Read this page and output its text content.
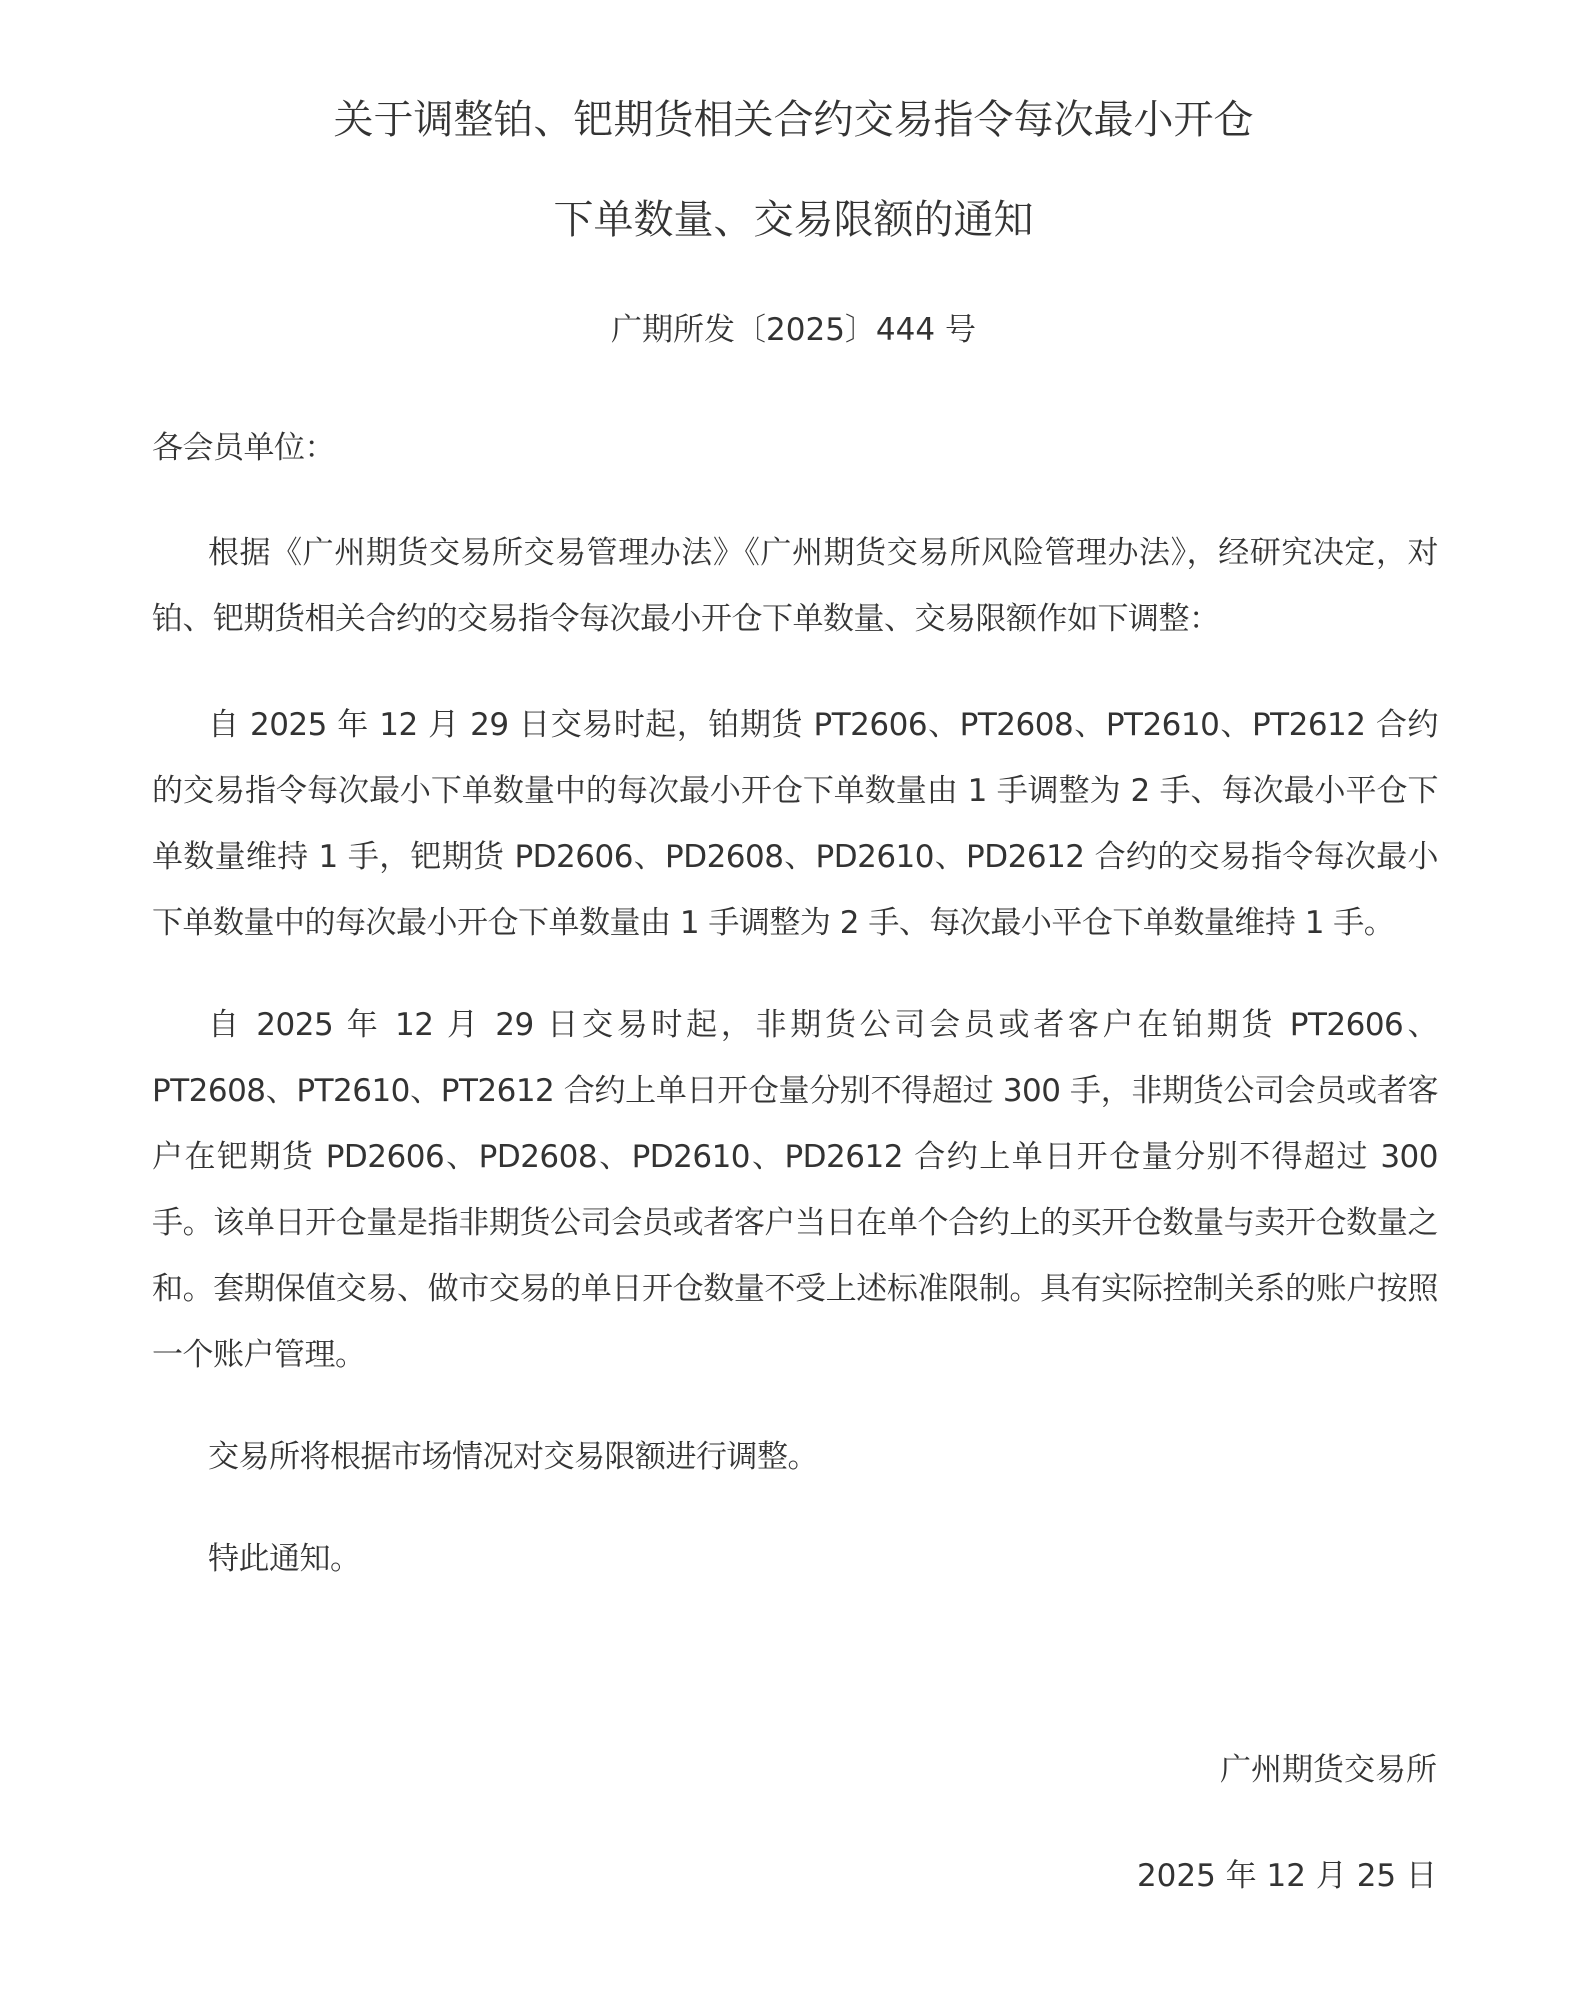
关于调整铂、钯期货相关合约交易指令每次最小开仓
下单数量、交易限额的通知
广期所发〔2025〕444 号
各会员单位：

根据《广州期货交易所交易管理办法》《广州期货交易所风险管理办法》，经研究决定，对铂、钯期货相关合约的交易指令每次最小开仓下单数量、交易限额作如下调整：

自 2025 年 12 月 29 日交易时起，铂期货 PT2606、PT2608、PT2610、PT2612 合约的交易指令每次最小下单数量中的每次最小开仓下单数量由 1 手调整为 2 手、每次最小平仓下单数量维持 1 手，钯期货 PD2606、PD2608、PD2610、PD2612 合约的交易指令每次最小下单数量中的每次最小开仓下单数量由 1 手调整为 2 手、每次最小平仓下单数量维持 1 手。

自 2025 年 12 月 29 日交易时起，非期货公司会员或者客户在铂期货 PT2606、PT2608、PT2610、PT2612 合约上单日开仓量分别不得超过 300 手，非期货公司会员或者客户在钯期货 PD2606、PD2608、PD2610、PD2612 合约上单日开仓量分别不得超过 300 手。该单日开仓量是指非期货公司会员或者客户当日在单个合约上的买开仓数量与卖开仓数量之和。套期保值交易、做市交易的单日开仓数量不受上述标准限制。具有实际控制关系的账户按照一个账户管理。

交易所将根据市场情况对交易限额进行调整。

特此通知。

广州期货交易所
2025 年 12 月 25 日
